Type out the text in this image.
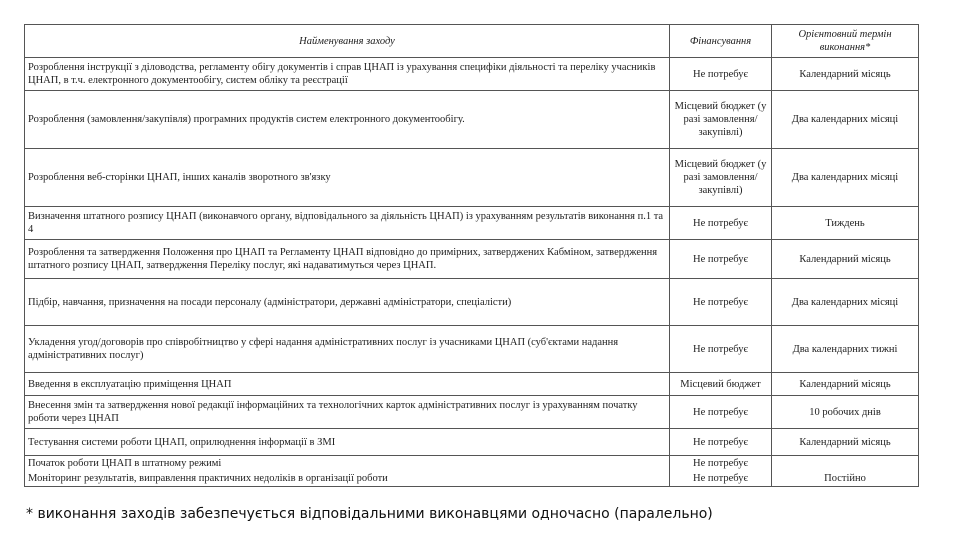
Найменування заходу	Фінансування	Орієнтовний термін виконання*
Розроблення інструкції з діловодства, регламенту обігу документів і справ ЦНАП із урахування специфіки діяльності та переліку учасників ЦНАП, в т.ч. електронного документообігу, систем обліку та реєстрації	Не потребує	Календарний місяць
Розроблення (замовлення/закупівля) програмних продуктів систем електронного документообігу.	Місцевий бюджет (у разі замовлення/закупівлі)	Два календарних місяці
Розроблення веб-сторінки ЦНАП, інших каналів зворотного зв'язку	Місцевий бюджет (у разі замовлення/закупівлі)	Два календарних місяці
Визначення штатного розпису ЦНАП (виконавчого органу, відповідального за діяльність ЦНАП) із урахуванням результатів виконання п.1 та 4	Не потребує	Тиждень
Розроблення та затвердження Положення про ЦНАП та Регламенту ЦНАП відповідно до примірних, затверджених Кабміном, затвердження штатного розпису ЦНАП, затвердження Переліку послуг, які надаватимуться через ЦНАП.	Не потребує	Календарний місяць
Підбір, навчання, призначення на посади персоналу (адміністратори, державні адміністратори, спеціалісти)	Не потребує	Два календарних місяці
Укладення угод/договорів про співробітництво у сфері надання адміністративних послуг із учасниками ЦНАП (суб'єктами надання адміністративних послуг)	Не потребує	Два календарних тижні
Введення в експлуатацію приміщення ЦНАП	Місцевий бюджет	Календарний місяць
Внесення змін та затвердження нової редакції інформаційних та технологічних карток адміністративних послуг із урахуванням початку роботи через ЦНАП	Не потребує	10 робочих днів
Тестування системи роботи ЦНАП, оприлюднення інформації в ЗМІ	Не потребує	Календарний місяць
Початок роботи ЦНАП в штатному режимі	Не потребує	
Моніторинг результатів, виправлення практичних недоліків в організації роботи	Не потребує	Постійно
* виконання заходів забезпечується відповідальними виконавцями одночасно (паралельно)
